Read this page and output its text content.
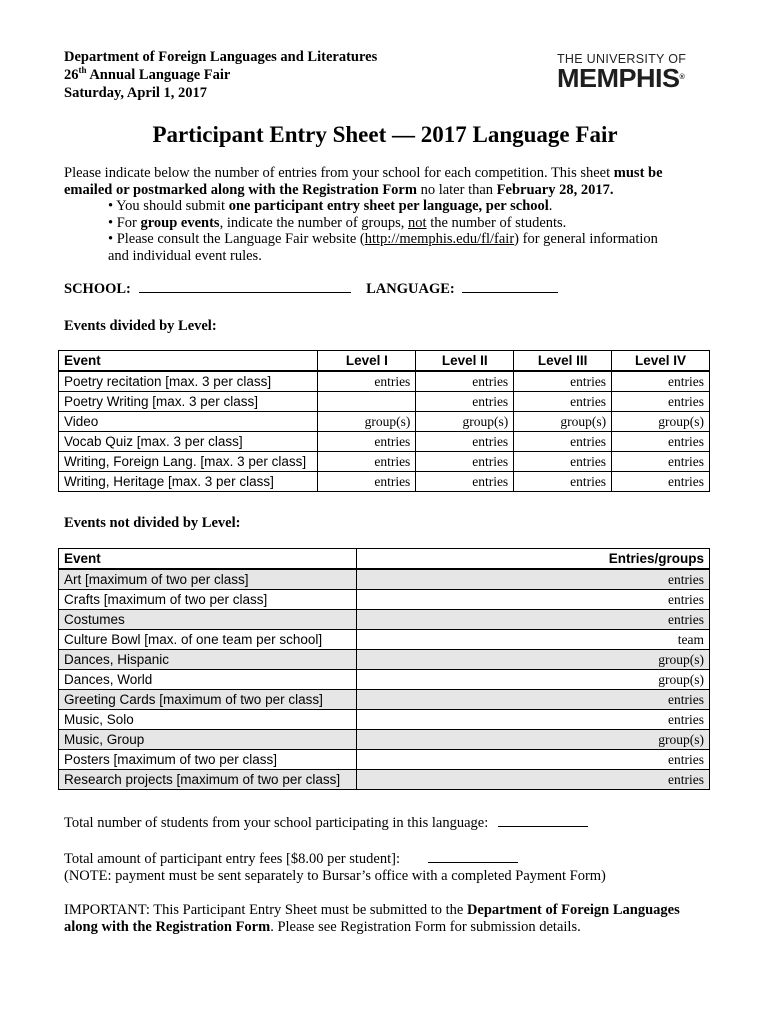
Department of Foreign Languages and Literatures
26th Annual Language Fair
Saturday, April 1, 2017
THE UNIVERSITY OF
MEMPHIS®
Participant Entry Sheet — 2017 Language Fair
Please indicate below the number of entries from your school for each competition. This sheet must be emailed or postmarked along with the Registration Form no later than February 28, 2017.
• You should submit one participant entry sheet per language, per school.
• For group events, indicate the number of groups, not the number of students.
• Please consult the Language Fair website (http://memphis.edu/fl/fair) for general information
and individual event rules.
SCHOOL:	LANGUAGE:
Events divided by Level:
Event	Level I	Level II	Level III	Level IV
Poetry recitation [max. 3 per class]	entries	entries	entries	entries
Poetry Writing [max. 3 per class]		entries	entries	entries
Video	group(s)	group(s)	group(s)	group(s)
Vocab Quiz [max. 3 per class]	entries	entries	entries	entries
Writing, Foreign Lang. [max. 3 per class]	entries	entries	entries	entries
Writing, Heritage [max. 3 per class]	entries	entries	entries	entries
Events not divided by Level:
Event	Entries/groups
Art [maximum of two per class]	entries
Crafts [maximum of two per class]	entries
Costumes	entries
Culture Bowl [max. of one team per school]	team
Dances, Hispanic	group(s)
Dances, World	group(s)
Greeting Cards [maximum of two per class]	entries
Music, Solo	entries
Music, Group	group(s)
Posters [maximum of two per class]	entries
Research projects [maximum of two per class]	entries
Total number of students from your school participating in this language:
Total amount of participant entry fees [$8.00 per student]:
(NOTE: payment must be sent separately to Bursar’s office with a completed Payment Form)
IMPORTANT: This Participant Entry Sheet must be submitted to the Department of Foreign Languages along with the Registration Form. Please see Registration Form for submission details.
